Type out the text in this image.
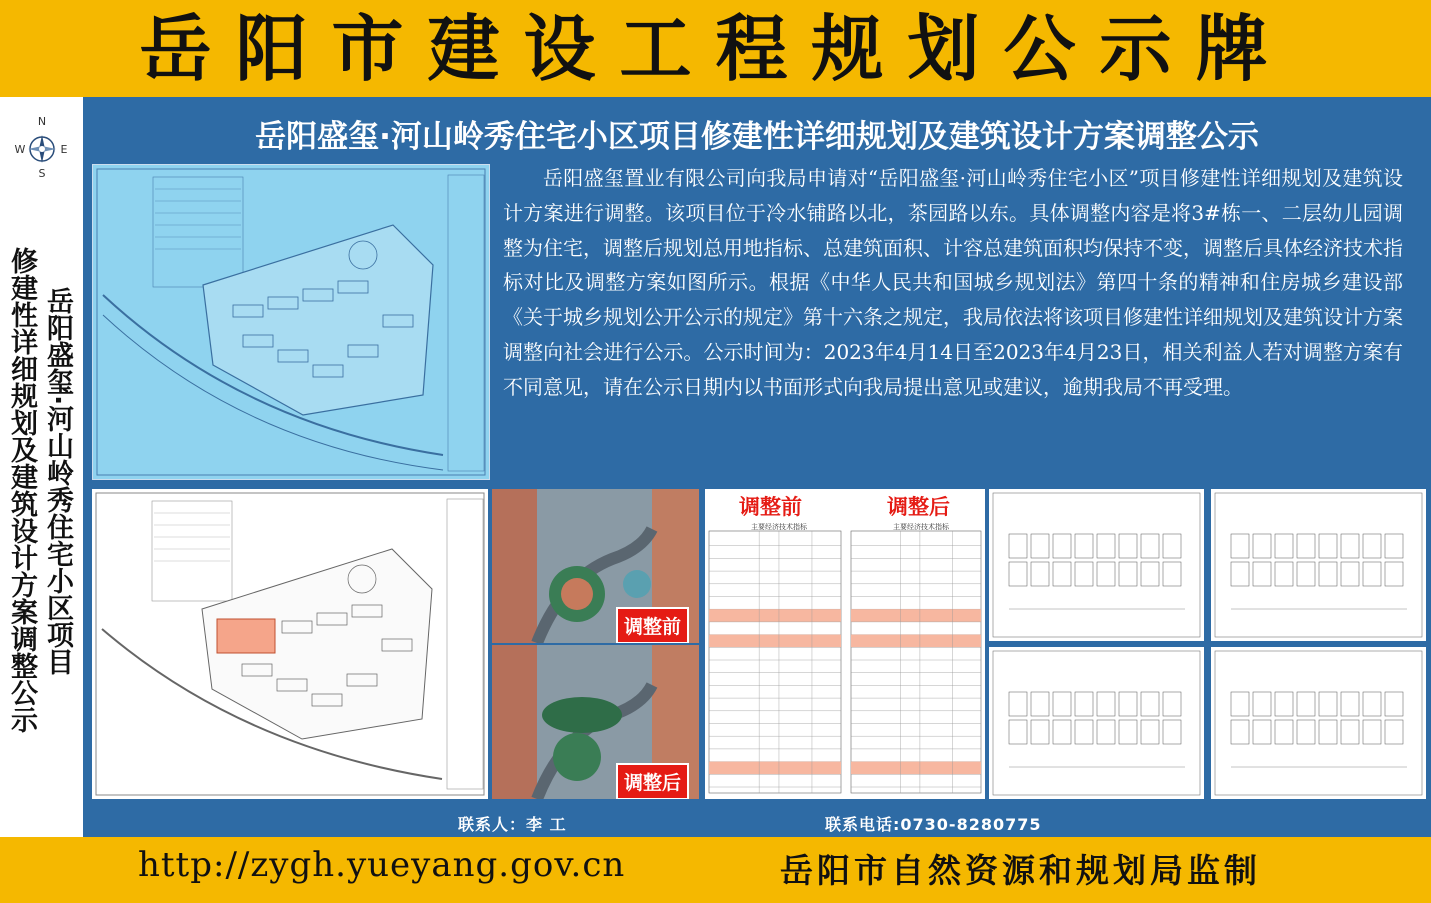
岳阳市建设工程规划公示牌
N
S
W	E
修建性详细规划及建筑设计方案调整公示 岳阳盛玺·河山岭秀住宅小区项目
岳阳盛玺·河山岭秀住宅小区项目修建性详细规划及建筑设计方案调整公示
调整前
调整后
调整前	调整后
主要经济技术指标	主要经济技术指标
岳阳盛玺置业有限公司向我局申请对“岳阳盛玺·河山岭秀住宅小区”项目修建性详细规划及建筑设计方案进行调整。该项目位于冷水铺路以北，茶园路以东。具体调整内容是将3#栋一、二层幼儿园调整为住宅，调整后规划总用地指标、总建筑面积、计容总建筑面积均保持不变，调整后具体经济技术指标对比及调整方案如图所示。根据《中华人民共和国城乡规划法》第四十条的精神和住房城乡建设部《关于城乡规划公开公示的规定》第十六条之规定，我局依法将该项目修建性详细规划及建筑设计方案调整向社会进行公示。公示时间为：2023年4月14日至2023年4月23日，相关利益人若对调整方案有不同意见，请在公示日期内以书面形式向我局提出意见或建议，逾期我局不再受理。
联系人：李 工	联系电话:0730-8280775
http://zygh.yueyang.gov.cn	岳阳市自然资源和规划局监制
